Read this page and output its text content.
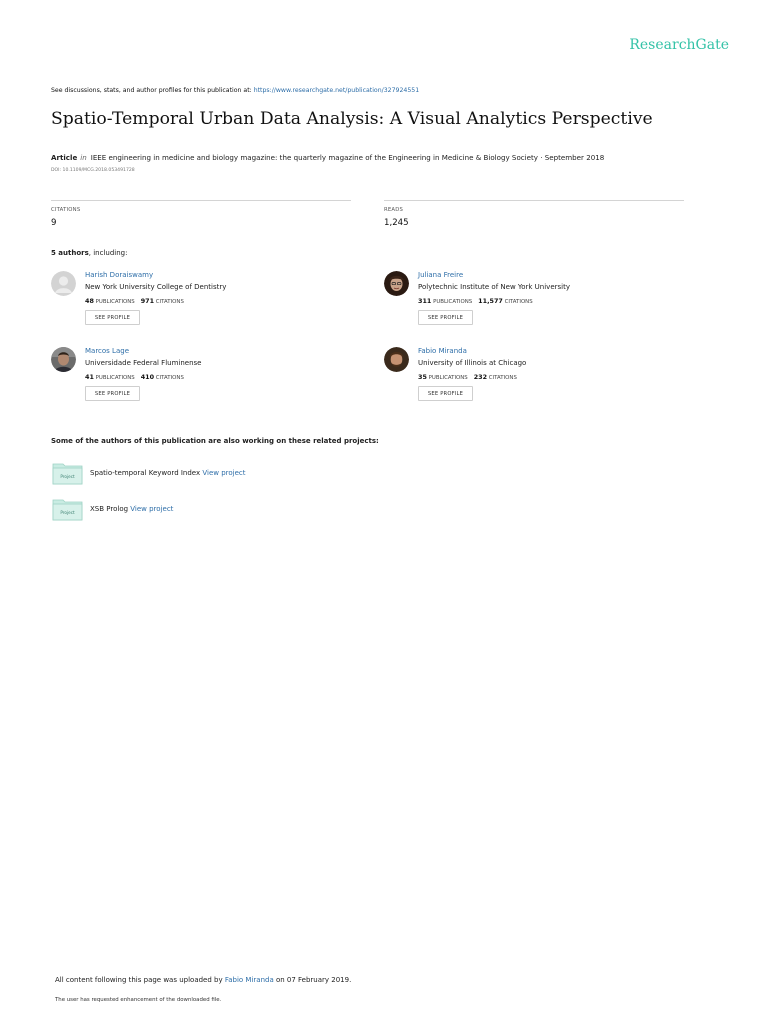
ResearchGate
See discussions, stats, and author profiles for this publication at: https://www.researchgate.net/publication/327924551
Spatio-Temporal Urban Data Analysis: A Visual Analytics Perspective
Article in IEEE engineering in medicine and biology magazine: the quarterly magazine of the Engineering in Medicine & Biology Society · September 2018
DOI: 10.1109/MCG.2018.053491728
CITATIONS
9
READS
1,245
5 authors, including:
Harish Doraiswamy
New York University College of Dentistry
48 PUBLICATIONS 971 CITATIONS
SEE PROFILE
Juliana Freire
Polytechnic Institute of New York University
311 PUBLICATIONS 11,577 CITATIONS
SEE PROFILE
Marcos Lage
Universidade Federal Fluminense
41 PUBLICATIONS 410 CITATIONS
SEE PROFILE
Fabio Miranda
University of Illinois at Chicago
35 PUBLICATIONS 232 CITATIONS
SEE PROFILE
Some of the authors of this publication are also working on these related projects:
Project Spatio-temporal Keyword Index View project
Project XSB Prolog View project
All content following this page was uploaded by Fabio Miranda on 07 February 2019.
The user has requested enhancement of the downloaded file.
